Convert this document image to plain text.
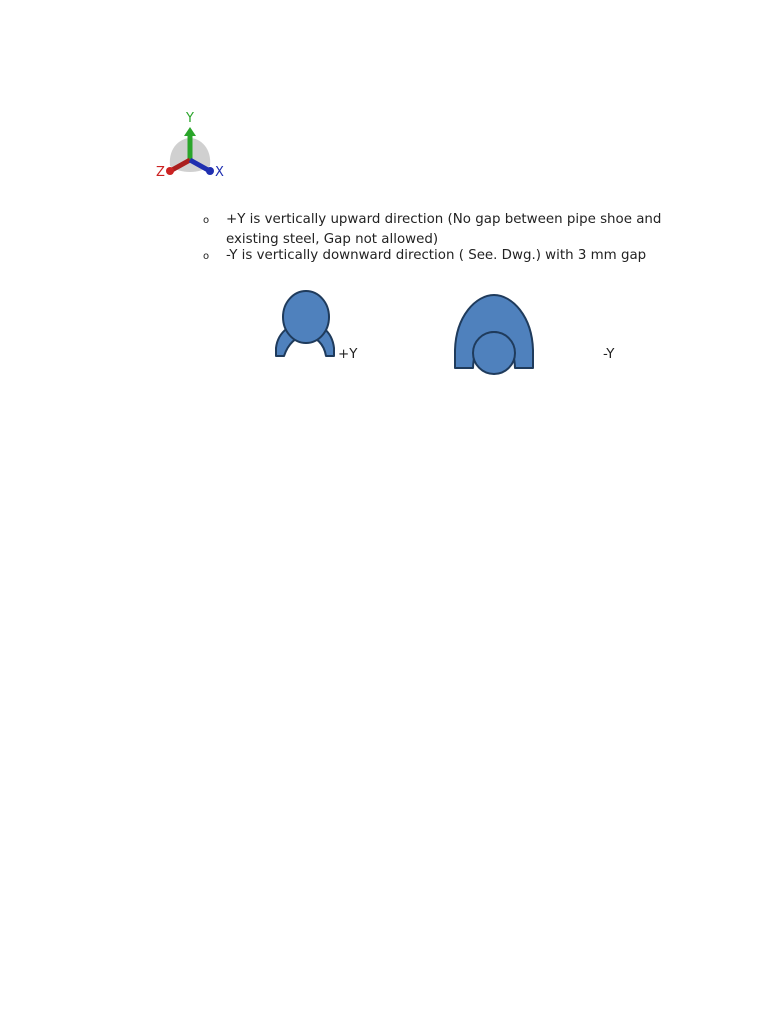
Y
Z	X
o +Y is vertically upward direction (No gap between pipe shoe and existing steel, Gap not allowed)
o -Y is vertically downward direction ( See. Dwg.) with 3 mm gap
+Y	-Y
